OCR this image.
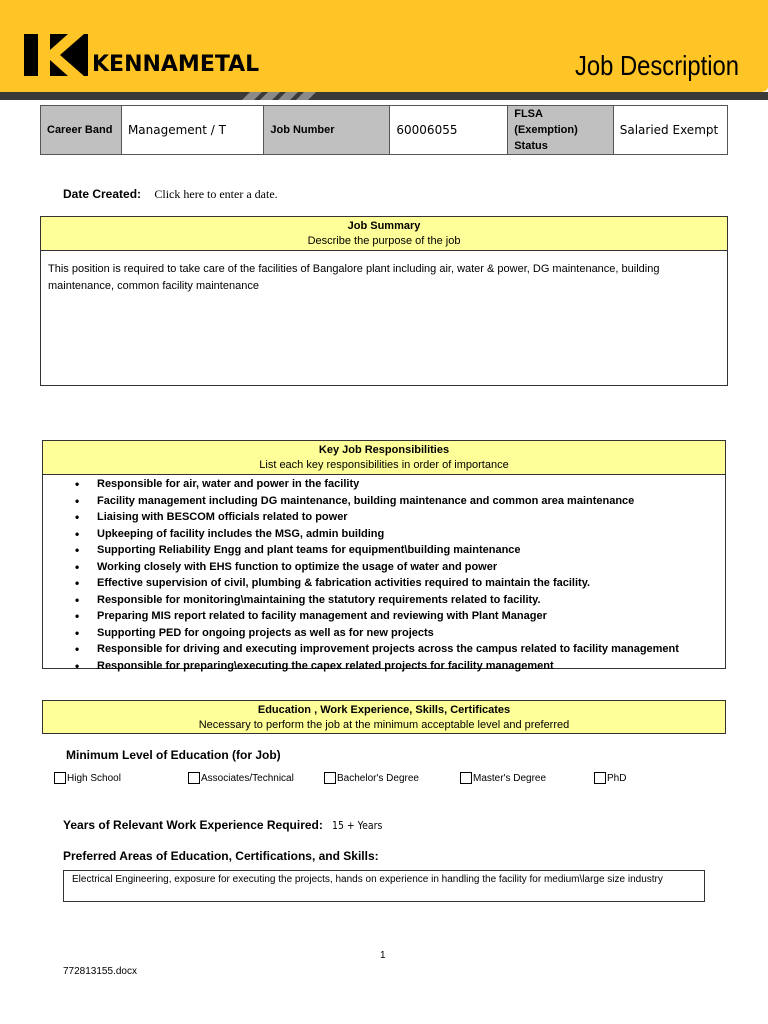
KENNAMETAL	Job Description
Career Band	Management / T	Job Number	60006055	FLSA
(Exemption)
Status	Salaried Exempt
Date Created: Click here to enter a date.
Job Summary
Describe the purpose of the job
This position is required to take care of the facilities of Bangalore plant including air, water & power, DG maintenance, building maintenance, common facility maintenance
Key Job Responsibilities
List each key responsibilities in order of importance
• Responsible for air, water and power in the facility
• Facility management including DG maintenance, building maintenance and common area maintenance
• Liaising with BESCOM officials related to power
• Upkeeping of facility includes the MSG, admin building
• Supporting Reliability Engg and plant teams for equipment\building maintenance
• Working closely with EHS function to optimize the usage of water and power
• Effective supervision of civil, plumbing & fabrication activities required to maintain the facility.
• Responsible for monitoring\maintaining the statutory requirements related to facility.
• Preparing MIS report related to facility management and reviewing with Plant Manager
• Supporting PED for ongoing projects as well as for new projects
• Responsible for driving and executing improvement projects across the campus related to facility management
• Responsible for preparing\executing the capex related projects for facility management
Education , Work Experience, Skills, Certificates
Necessary to perform the job at the minimum acceptable level and preferred
Minimum Level of Education (for Job)
High School	Associates/Technical	Bachelor's Degree	Master's Degree	PhD
Years of Relevant Work Experience Required: 15 + Years
Preferred Areas of Education, Certifications, and Skills:
Electrical Engineering, exposure for executing the projects, hands on experience in handling the facility for medium\large size industry
1
772813155.docx
